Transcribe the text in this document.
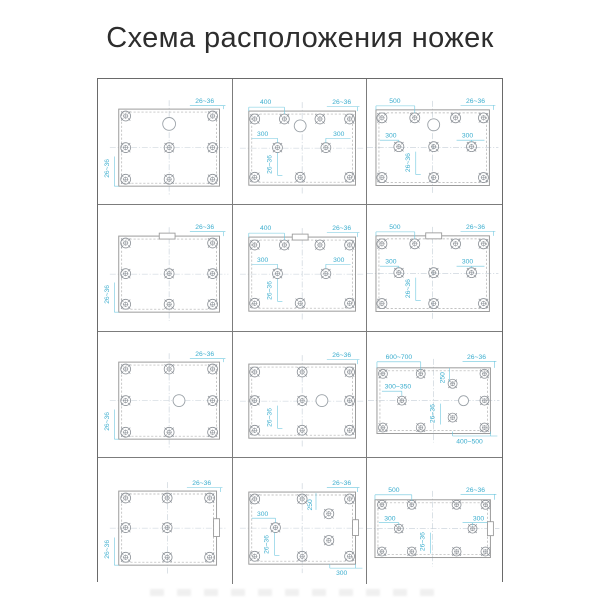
Схема расположения ножек
26~36
26~36
400	26~36
300	300
26~36
500	26~36
300	300
26~36
26~36
26~36
400	26~36
300	300
26~36
500	26~36
300	300
26~36
26~36
26~36
26~36
26~36
600~700	26~36
300~350
250
26~36
400~500
26~36
26~36
26~36
250
300
26~36
300
500	26~36
300	300
26~36
